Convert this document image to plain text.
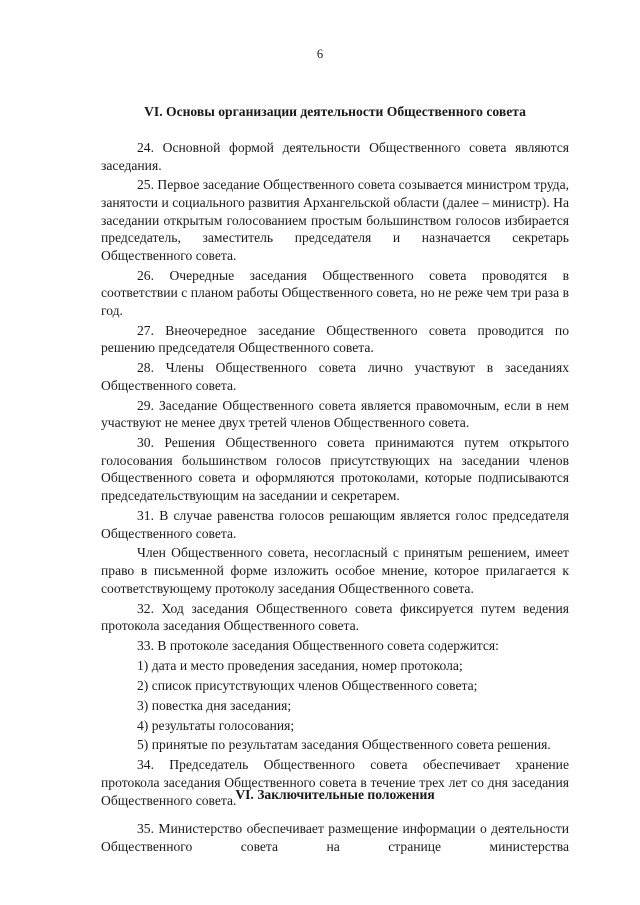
6
VI. Основы организации деятельности Общественного совета

24. Основной формой деятельности Общественного совета являются заседания.

25. Первое заседание Общественного совета созывается министром труда, занятости и социального развития Архангельской области (далее – министр). На заседании открытым голосованием простым большинством голосов избирается председатель, заместитель председателя и назначается секретарь Общественного совета.

26. Очередные заседания Общественного совета проводятся в соответствии с планом работы Общественного совета, но не реже чем три раза в год.

27. Внеочередное заседание Общественного совета проводится по решению председателя Общественного совета.

28. Члены Общественного совета лично участвуют в заседаниях Общественного совета.

29. Заседание Общественного совета является правомочным, если в нем участвуют не менее двух третей членов Общественного совета.

30. Решения Общественного совета принимаются путем открытого голосования большинством голосов присутствующих на заседании членов Общественного совета и оформляются протоколами, которые подписываются председательствующим на заседании и секретарем.

31. В случае равенства голосов решающим является голос председателя Общественного совета.

Член Общественного совета, несогласный с принятым решением, имеет право в письменной форме изложить особое мнение, которое прилагается к соответствующему протоколу заседания Общественного совета.

32. Ход заседания Общественного совета фиксируется путем ведения протокола заседания Общественного совета.

33. В протоколе заседания Общественного совета содержится:

1) дата и место проведения заседания, номер протокола;

2) список присутствующих членов Общественного совета;

3) повестка дня заседания;

4) результаты голосования;

5) принятые по результатам заседания Общественного совета решения.

34. Председатель Общественного совета обеспечивает хранение протокола заседания Общественного совета в течение трех лет со дня заседания Общественного совета.

VI. Заключительные положения

35. Министерство обеспечивает размещение информации о деятельности Общественного совета на странице министерства
